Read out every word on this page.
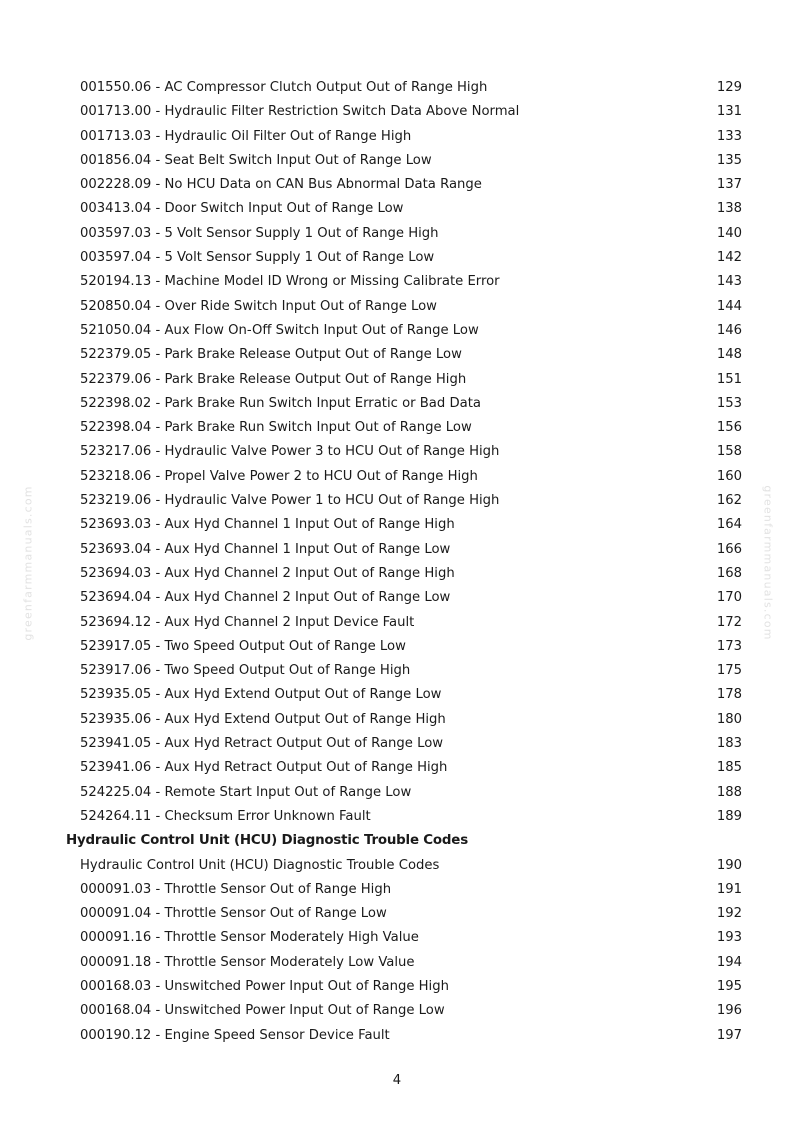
greenfarmmanuals.com	greenfarmmanuals.com
001550.06 - AC Compressor Clutch Output Out of Range High	129
001713.00 - Hydraulic Filter Restriction Switch Data Above Normal	131
001713.03 - Hydraulic Oil Filter Out of Range High	133
001856.04 - Seat Belt Switch Input Out of Range Low	135
002228.09 - No HCU Data on CAN Bus Abnormal Data Range	137
003413.04 - Door Switch Input Out of Range Low	138
003597.03 - 5 Volt Sensor Supply 1 Out of Range High	140
003597.04 - 5 Volt Sensor Supply 1 Out of Range Low	142
520194.13 - Machine Model ID Wrong or Missing Calibrate Error	143
520850.04 - Over Ride Switch Input Out of Range Low	144
521050.04 - Aux Flow On-Off Switch Input Out of Range Low	146
522379.05 - Park Brake Release Output Out of Range Low	148
522379.06 - Park Brake Release Output Out of Range High	151
522398.02 - Park Brake Run Switch Input Erratic or Bad Data	153
522398.04 - Park Brake Run Switch Input Out of Range Low	156
523217.06 - Hydraulic Valve Power 3 to HCU Out of Range High	158
523218.06 - Propel Valve Power 2 to HCU Out of Range High	160
523219.06 - Hydraulic Valve Power 1 to HCU Out of Range High	162
523693.03 - Aux Hyd Channel 1 Input Out of Range High	164
523693.04 - Aux Hyd Channel 1 Input Out of Range Low	166
523694.03 - Aux Hyd Channel 2 Input Out of Range High	168
523694.04 - Aux Hyd Channel 2 Input Out of Range Low	170
523694.12 - Aux Hyd Channel 2 Input Device Fault	172
523917.05 - Two Speed Output Out of Range Low	173
523917.06 - Two Speed Output Out of Range High	175
523935.05 - Aux Hyd Extend Output Out of Range Low	178
523935.06 - Aux Hyd Extend Output Out of Range High	180
523941.05 - Aux Hyd Retract Output Out of Range Low	183
523941.06 - Aux Hyd Retract Output Out of Range High	185
524225.04 - Remote Start Input Out of Range Low	188
524264.11 - Checksum Error Unknown Fault	189
Hydraulic Control Unit (HCU) Diagnostic Trouble Codes
Hydraulic Control Unit (HCU) Diagnostic Trouble Codes	190
000091.03 - Throttle Sensor Out of Range High	191
000091.04 - Throttle Sensor Out of Range Low	192
000091.16 - Throttle Sensor Moderately High Value	193
000091.18 - Throttle Sensor Moderately Low Value	194
000168.03 - Unswitched Power Input Out of Range High	195
000168.04 - Unswitched Power Input Out of Range Low	196
000190.12 - Engine Speed Sensor Device Fault	197
4
